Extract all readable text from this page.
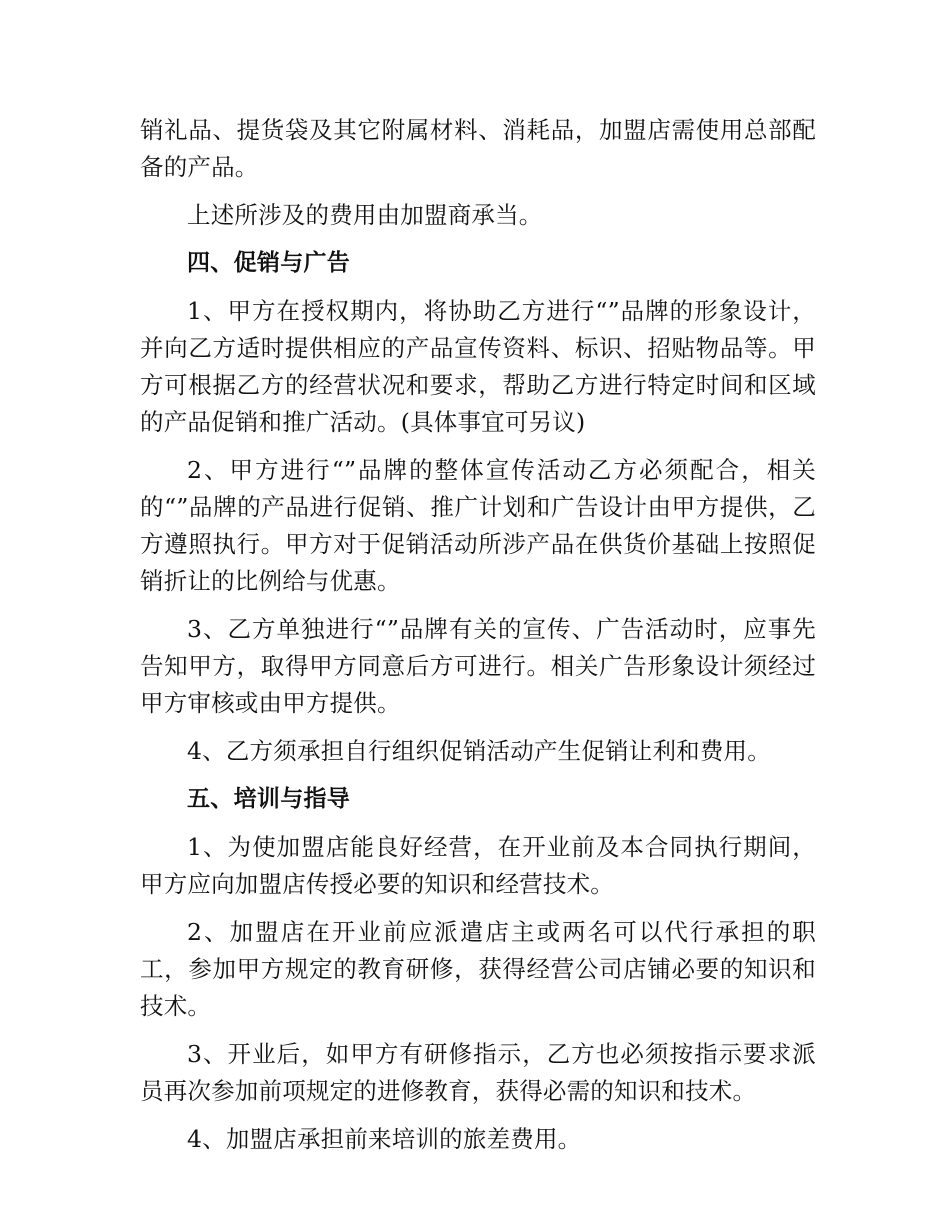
销礼品、提货袋及其它附属材料、消耗品，加盟店需使用总部配备的产品。

上述所涉及的费用由加盟商承当。

四、促销与广告

1、甲方在授权期内，将协助乙方进行“”品牌的形象设计，并向乙方适时提供相应的产品宣传资料、标识、招贴物品等。甲方可根据乙方的经营状况和要求，帮助乙方进行特定时间和区域的产品促销和推广活动。(具体事宜可另议)

2、甲方进行“”品牌的整体宣传活动乙方必须配合，相关的“”品牌的产品进行促销、推广计划和广告设计由甲方提供，乙方遵照执行。甲方对于促销活动所涉产品在供货价基础上按照促销折让的比例给与优惠。

3、乙方单独进行“”品牌有关的宣传、广告活动时，应事先告知甲方，取得甲方同意后方可进行。相关广告形象设计须经过甲方审核或由甲方提供。

4、乙方须承担自行组织促销活动产生促销让利和费用。

五、培训与指导

1、为使加盟店能良好经营，在开业前及本合同执行期间，甲方应向加盟店传授必要的知识和经营技术。

2、加盟店在开业前应派遣店主或两名可以代行承担的职工，参加甲方规定的教育研修，获得经营公司店铺必要的知识和技术。

3、开业后，如甲方有研修指示，乙方也必须按指示要求派员再次参加前项规定的进修教育，获得必需的知识和技术。

4、加盟店承担前来培训的旅差费用。
